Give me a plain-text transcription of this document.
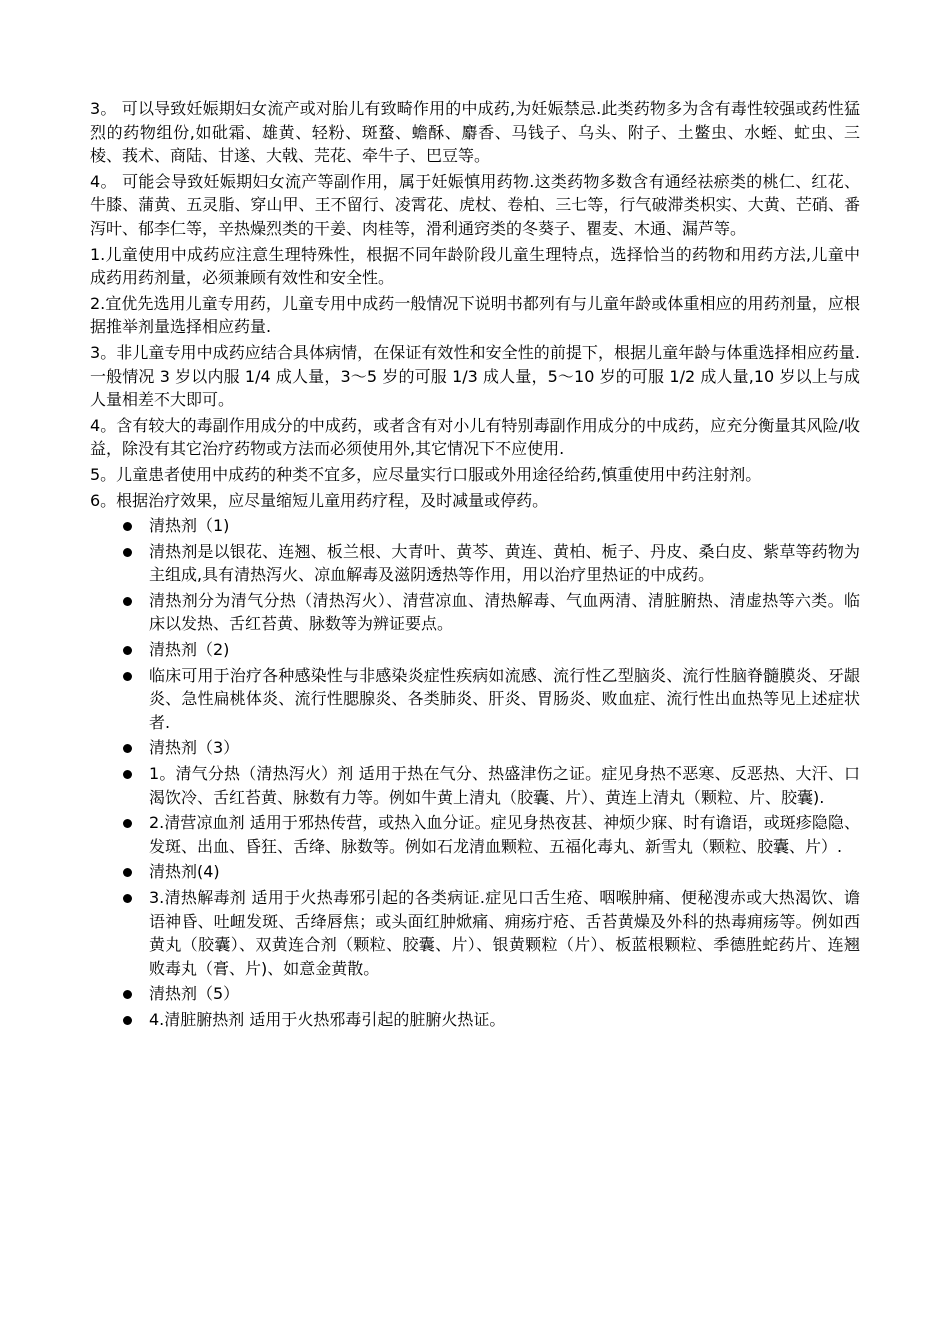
3。 可以导致妊娠期妇女流产或对胎儿有致畸作用的中成药,为妊娠禁忌.此类药物多为含有毒性较强或药性猛烈的药物组份,如砒霜、雄黄、轻粉、斑蝥、蟾酥、麝香、马钱子、乌头、附子、土鳖虫、水蛭、虻虫、三棱、莪术、商陆、甘遂、大戟、芫花、牵牛子、巴豆等。

4。 可能会导致妊娠期妇女流产等副作用，属于妊娠慎用药物.这类药物多数含有通经祛瘀类的桃仁、红花、牛膝、蒲黄、五灵脂、穿山甲、王不留行、凌霄花、虎杖、卷柏、三七等，行气破滞类枳实、大黄、芒硝、番泻叶、郁李仁等，辛热燥烈类的干姜、肉桂等，滑利通窍类的冬葵子、瞿麦、木通、漏芦等。

1.儿童使用中成药应注意生理特殊性，根据不同年龄阶段儿童生理特点，选择恰当的药物和用药方法,儿童中成药用药剂量，必须兼顾有效性和安全性。

2.宜优先选用儿童专用药，儿童专用中成药一般情况下说明书都列有与儿童年龄或体重相应的用药剂量，应根据推举剂量选择相应药量.

3。非儿童专用中成药应结合具体病情，在保证有效性和安全性的前提下，根据儿童年龄与体重选择相应药量.一般情况 3 岁以内服 1/4 成人量，3～5 岁的可服 1/3 成人量，5～10 岁的可服 1/2 成人量,10 岁以上与成人量相差不大即可。

4。含有较大的毒副作用成分的中成药，或者含有对小儿有特别毒副作用成分的中成药，应充分衡量其风险/收益，除没有其它治疗药物或方法而必须使用外,其它情况下不应使用.

5。儿童患者使用中成药的种类不宜多，应尽量实行口服或外用途径给药,慎重使用中药注射剂。

6。根据治疗效果，应尽量缩短儿童用药疗程，及时减量或停药。

清热剂（1)
清热剂是以银花、连翘、板兰根、大青叶、黄芩、黄连、黄柏、栀子、丹皮、桑白皮、紫草等药物为主组成,具有清热泻火、凉血解毒及滋阴透热等作用，用以治疗里热证的中成药。
清热剂分为清气分热（清热泻火）、清营凉血、清热解毒、气血两清、清脏腑热、清虚热等六类。临床以发热、舌红苔黄、脉数等为辨证要点。
清热剂（2)
临床可用于治疗各种感染性与非感染炎症性疾病如流感、流行性乙型脑炎、流行性脑脊髓膜炎、牙龈炎、急性扁桃体炎、流行性腮腺炎、各类肺炎、肝炎、胃肠炎、败血症、流行性出血热等见上述症状者.
清热剂（3）
1。清气分热（清热泻火）剂 适用于热在气分、热盛津伤之证。症见身热不恶寒、反恶热、大汗、口渴饮冷、舌红苔黄、脉数有力等。例如牛黄上清丸（胶囊、片）、黄连上清丸（颗粒、片、胶囊).
2.清营凉血剂 适用于邪热传营，或热入血分证。症见身热夜甚、神烦少寐、时有谵语，或斑疹隐隐、发斑、出血、昏狂、舌绛、脉数等。例如石龙清血颗粒、五福化毒丸、新雪丸（颗粒、胶囊、片）.
清热剂(4)
3.清热解毒剂 适用于火热毒邪引起的各类病证.症见口舌生疮、咽喉肿痛、便秘溲赤或大热渴饮、谵语神昏、吐衄发斑、舌绛唇焦；或头面红肿焮痛、痈疡疔疮、舌苔黄燥及外科的热毒痈疡等。例如西黄丸（胶囊）、双黄连合剂（颗粒、胶囊、片）、银黄颗粒（片）、板蓝根颗粒、季德胜蛇药片、连翘败毒丸（膏、片)、如意金黄散。
清热剂（5）
4.清脏腑热剂 适用于火热邪毒引起的脏腑火热证。
